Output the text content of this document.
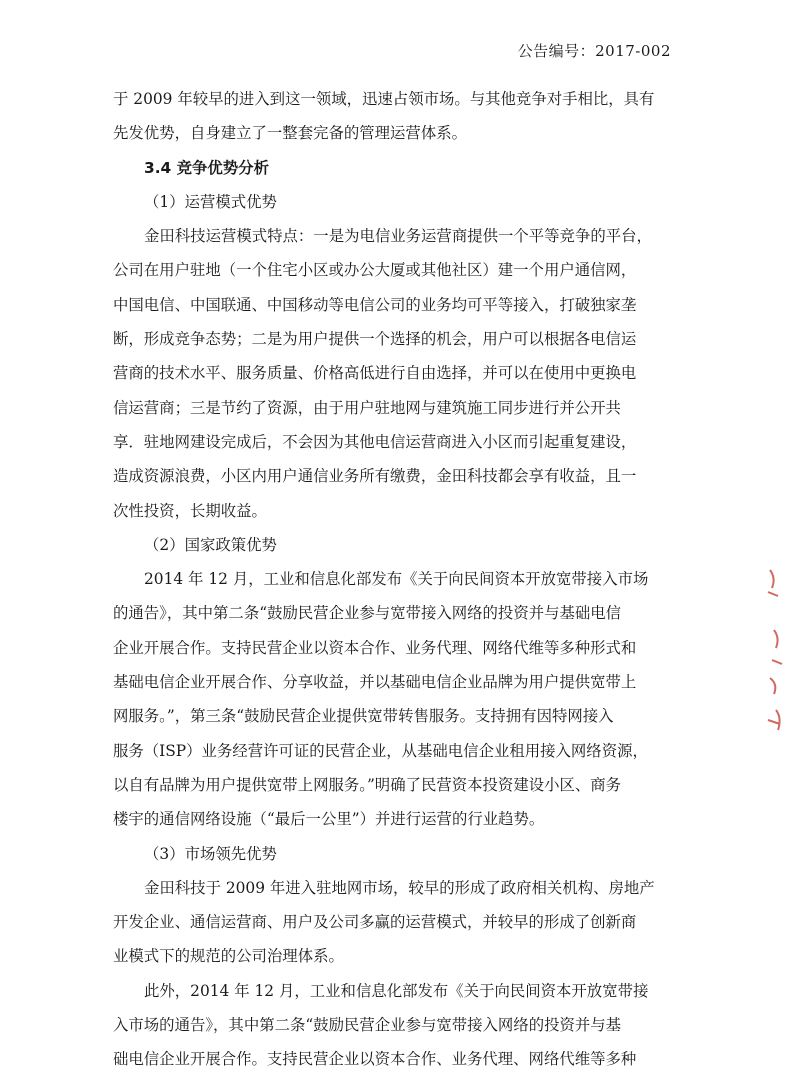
公告编号：2017-002
于 2009 年较早的进入到这一领域，迅速占领市场。与其他竞争对手相比，具有
先发优势，自身建立了一整套完备的管理运营体系。
3.4 竞争优势分析
（1）运营模式优势
金田科技运营模式特点：一是为电信业务运营商提供一个平等竞争的平台，
公司在用户驻地（一个住宅小区或办公大厦或其他社区）建一个用户通信网，
中国电信、中国联通、中国移动等电信公司的业务均可平等接入，打破独家垄
断，形成竞争态势；二是为用户提供一个选择的机会，用户可以根据各电信运
营商的技术水平、服务质量、价格高低进行自由选择，并可以在使用中更换电
信运营商；三是节约了资源，由于用户驻地网与建筑施工同步进行并公开共
享．驻地网建设完成后，不会因为其他电信运营商进入小区而引起重复建设，
造成资源浪费，小区内用户通信业务所有缴费，金田科技都会享有收益，且一
次性投资，长期收益。
（2）国家政策优势
2014 年 12 月，工业和信息化部发布《关于向民间资本开放宽带接入市场
的通告》，其中第二条“鼓励民营企业参与宽带接入网络的投资并与基础电信
企业开展合作。支持民营企业以资本合作、业务代理、网络代维等多种形式和
基础电信企业开展合作、分享收益，并以基础电信企业品牌为用户提供宽带上
网服务。”，第三条“鼓励民营企业提供宽带转售服务。支持拥有因特网接入
服务（ISP）业务经营许可证的民营企业，从基础电信企业租用接入网络资源，
以自有品牌为用户提供宽带上网服务。”明确了民营资本投资建设小区、商务
楼宇的通信网络设施（“最后一公里”）并进行运营的行业趋势。
（3）市场领先优势
金田科技于 2009 年进入驻地网市场，较早的形成了政府相关机构、房地产
开发企业、通信运营商、用户及公司多赢的运营模式，并较早的形成了创新商
业模式下的规范的公司治理体系。
此外，2014 年 12 月，工业和信息化部发布《关于向民间资本开放宽带接
入市场的通告》，其中第二条“鼓励民营企业参与宽带接入网络的投资并与基
础电信企业开展合作。支持民营企业以资本合作、业务代理、网络代维等多种
